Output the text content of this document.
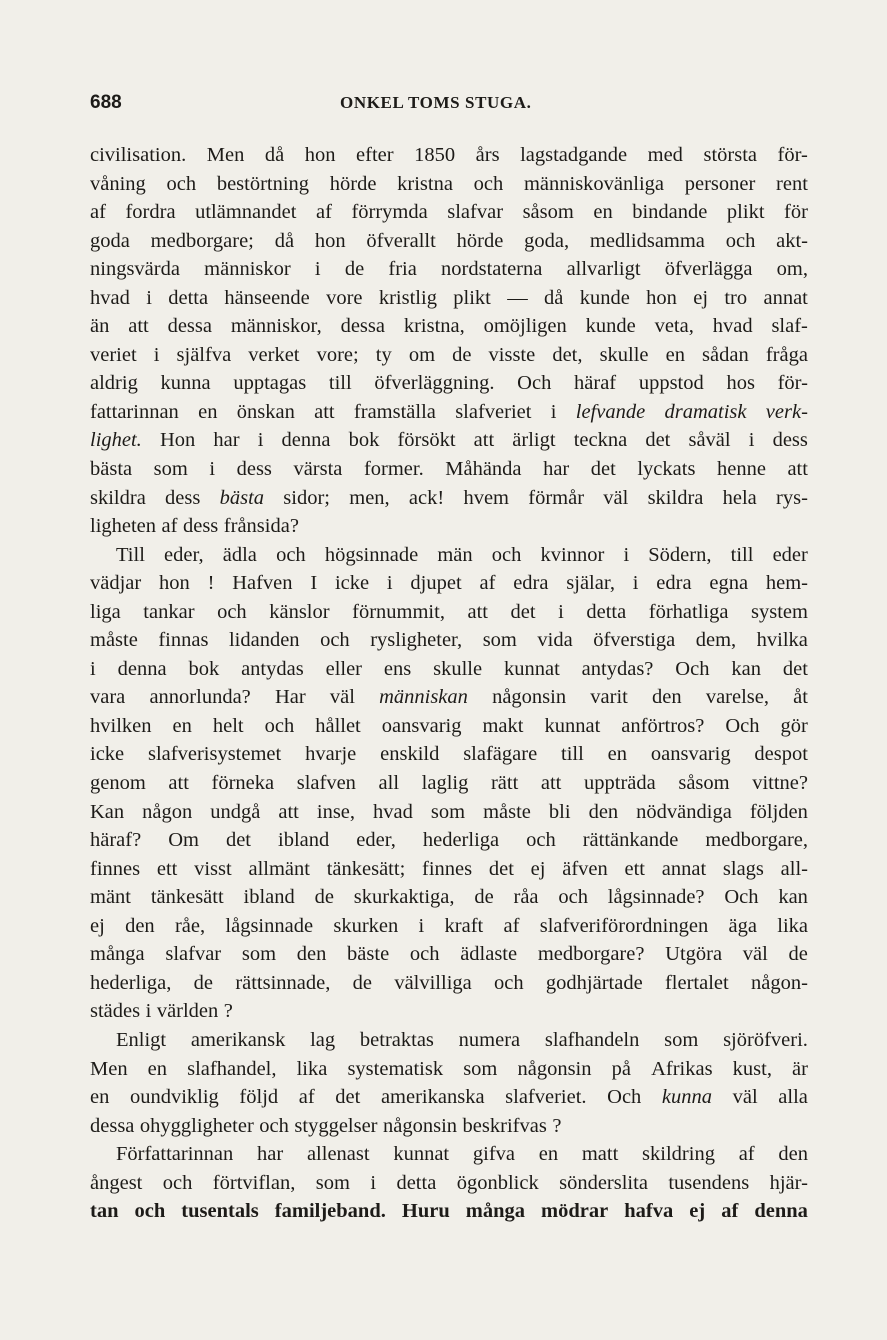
688	ONKEL TOMS STUGA.
civilisation. Men då hon efter 1850 års lagstadgande med största för-
våning och bestörtning hörde kristna och människovänliga personer rent
af fordra utlämnandet af förrymda slafvar såsom en bindande plikt för
goda medborgare; då hon öfverallt hörde goda, medlidsamma och akt-
ningsvärda människor i de fria nordstaterna allvarligt öfverlägga om,
hvad i detta hänseende vore kristlig plikt — då kunde hon ej tro annat
än att dessa människor, dessa kristna, omöjligen kunde veta, hvad slaf-
veriet i själfva verket vore; ty om de visste det, skulle en sådan fråga
aldrig kunna upptagas till öfverläggning. Och häraf uppstod hos för-
fattarinnan en önskan att framställa slafveriet i lefvande dramatisk verk-
lighet. Hon har i denna bok försökt att ärligt teckna det såväl i dess
bästa som i dess värsta former. Måhända har det lyckats henne att
skildra dess bästa sidor; men, ack! hvem förmår väl skildra hela rys-
ligheten af dess frånsida?
Till eder, ädla och högsinnade män och kvinnor i Södern, till eder
vädjar hon ! Hafven I icke i djupet af edra själar, i edra egna hem-
liga tankar och känslor förnummit, att det i detta förhatliga system
måste finnas lidanden och rysligheter, som vida öfverstiga dem, hvilka
i denna bok antydas eller ens skulle kunnat antydas? Och kan det
vara annorlunda? Har väl människan någonsin varit den varelse, åt
hvilken en helt och hållet oansvarig makt kunnat anförtros? Och gör
icke slafverisystemet hvarje enskild slafägare till en oansvarig despot
genom att förneka slafven all laglig rätt att uppträda såsom vittne?
Kan någon undgå att inse, hvad som måste bli den nödvändiga följden
häraf? Om det ibland eder, hederliga och rättänkande medborgare,
finnes ett visst allmänt tänkesätt; finnes det ej äfven ett annat slags all-
mänt tänkesätt ibland de skurkaktiga, de råa och lågsinnade? Och kan
ej den råe, lågsinnade skurken i kraft af slafveriförordningen äga lika
många slafvar som den bäste och ädlaste medborgare? Utgöra väl de
hederliga, de rättsinnade, de välvilliga och godhjärtade flertalet någon-
städes i världen ?
Enligt amerikansk lag betraktas numera slafhandeln som sjöröfveri.
Men en slafhandel, lika systematisk som någonsin på Afrikas kust, är
en oundviklig följd af det amerikanska slafveriet. Och kunna väl alla
dessa ohyggligheter och styggelser någonsin beskrifvas ?
Författarinnan har allenast kunnat gifva en matt skildring af den
ångest och förtviflan, som i detta ögonblick sönderslita tusendens hjär-
tan och tusentals familjeband. Huru många mödrar hafva ej af denna
